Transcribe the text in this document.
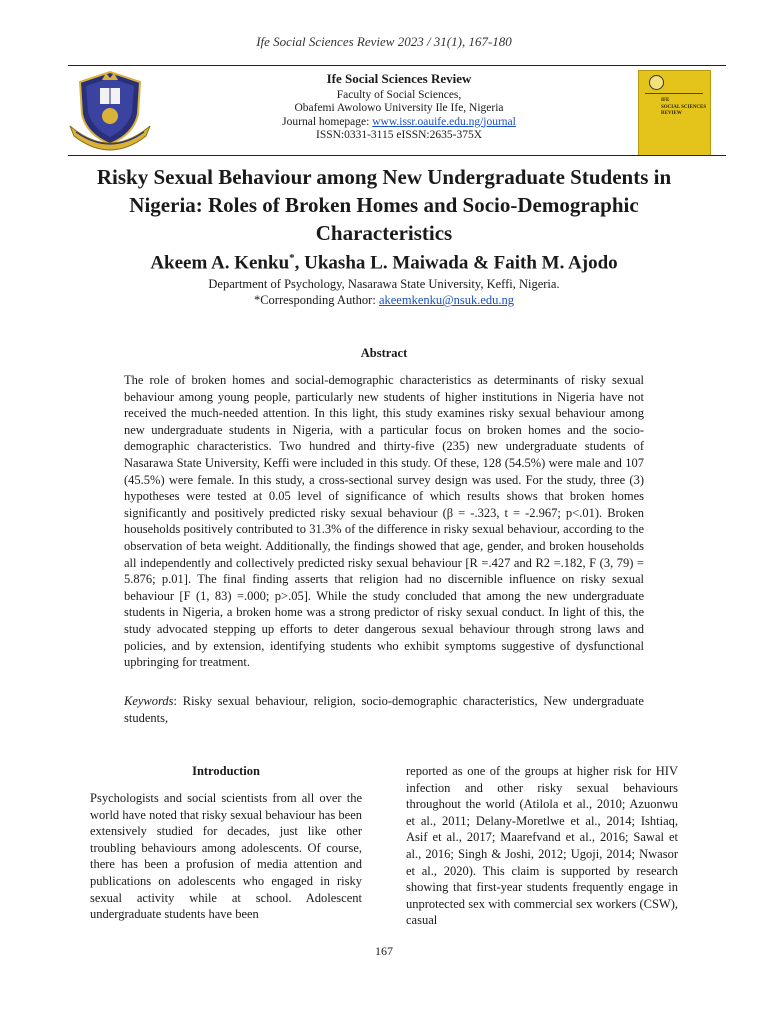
Ife Social Sciences Review 2023 / 31(1), 167-180
Ife Social Sciences Review
Faculty of Social Sciences,
Obafemi Awolowo University Ile Ife, Nigeria
Journal homepage: www.issr.oauife.edu.ng/journal
ISSN:0331-3115 eISSN:2635-375X
IFE
SOCIAL SCIENCES
REVIEW
Risky Sexual Behaviour among New Undergraduate Students in Nigeria: Roles of Broken Homes and Socio-Demographic Characteristics
Akeem A. Kenku*, Ukasha L. Maiwada & Faith M. Ajodo
Department of Psychology, Nasarawa State University, Keffi, Nigeria.
*Corresponding Author: akeemkenku@nsuk.edu.ng
Abstract
The role of broken homes and social-demographic characteristics as determinants of risky sexual behaviour among young people, particularly new students of higher institutions in Nigeria have not received the much-needed attention. In this light, this study examines risky sexual behaviour among new undergraduate students in Nigeria, with a particular focus on broken homes and the socio-demographic characteristics. Two hundred and thirty-five (235) new undergraduate students of Nasarawa State University, Keffi were included in this study. Of these, 128 (54.5%) were male and 107 (45.5%) were female. In this study, a cross-sectional survey design was used. For the study, three (3) hypotheses were tested at 0.05 level of significance of which results shows that broken homes significantly and positively predicted risky sexual behaviour (β = -.323, t = -2.967; p<.01). Broken households positively contributed to 31.3% of the difference in risky sexual behaviour, according to the observation of beta weight. Additionally, the findings showed that age, gender, and broken households all independently and collectively predicted risky sexual behaviour [R =.427 and R2 =.182, F (3, 79) = 5.876; p.01]. The final finding asserts that religion had no discernible influence on risky sexual behaviour [F (1, 83) =.000; p>.05]. While the study concluded that among the new undergraduate students in Nigeria, a broken home was a strong predictor of risky sexual conduct. In light of this, the study advocated stepping up efforts to deter dangerous sexual behaviour through strong laws and policies, and by extension, identifying students who exhibit symptoms suggestive of dysfunctional upbringing for treatment.
Keywords: Risky sexual behaviour, religion, socio-demographic characteristics, New undergraduate students,
Introduction
Psychologists and social scientists from all over the world have noted that risky sexual behaviour has been extensively studied for decades, just like other troubling behaviours among adolescents. Of course, there has been a profusion of media attention and publications on adolescents who engaged in risky sexual activity while at school. Adolescent undergraduate students have been
reported as one of the groups at higher risk for HIV infection and other risky sexual behaviours throughout the world (Atilola et al., 2010; Azuonwu et al., 2011; Delany-Moretlwe et al., 2014; Ishtiaq, Asif et al., 2017; Maarefvand et al., 2016; Sawal et al., 2016; Singh & Joshi, 2012; Ugoji, 2014; Nwasor et al., 2020). This claim is supported by research showing that first-year students frequently engage in unprotected sex with commercial sex workers (CSW), casual
167
